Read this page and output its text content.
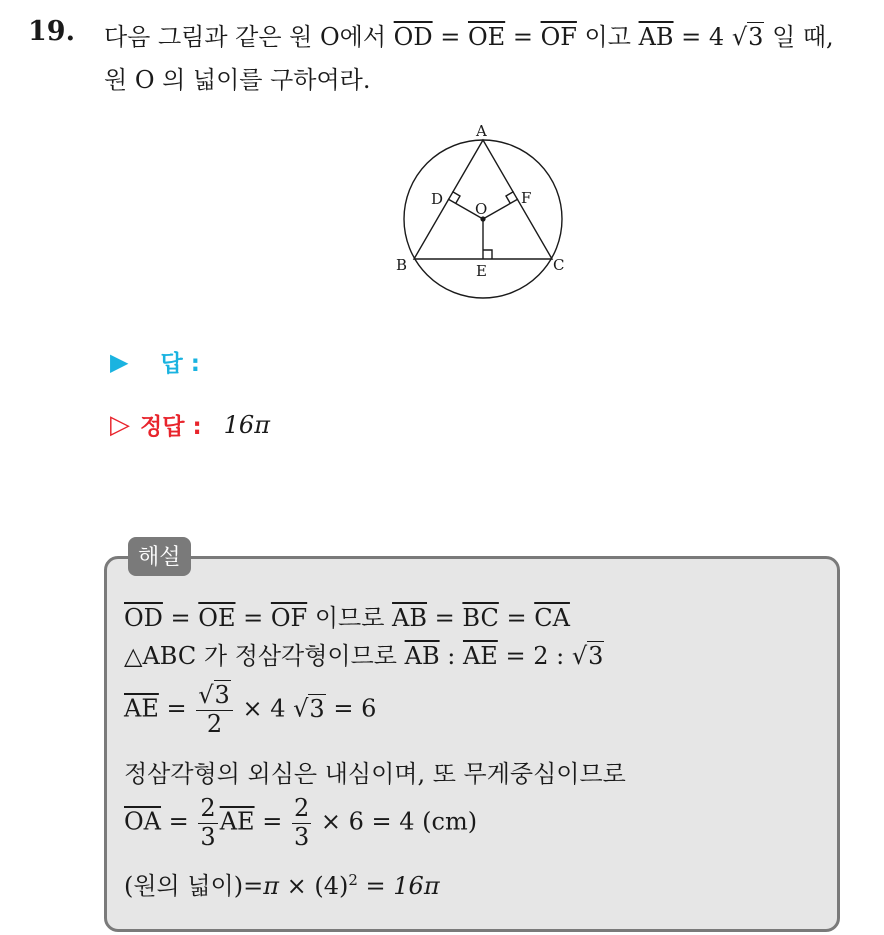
19. 다음 그림과 같은 원 O에서 $\overline{OD} = \overline{OE} = \overline{OF}$ 이고 $\overline{AB} = 4$ √3 일 때,
원 O 의 넓이를 구하여라.
A
B	C
D	F
O
E
▶ 답 :
▷ 정답 : 16π
해설
$\overline{OD} = \overline{OE} = \overline{OF}$ 이므로 $\overline{AB} = \overline{BC} = \overline{CA}$
△ABC 가 정삼각형이므로 $\overline{AB}$ : $\overline{AE} = 2$ : √3
$\overline{AE} = \frac{√3}{2} \times 4$ √3 = 6
정삼각형의 외심은 내심이며, 또 무게중심이므로
$\overline{OA} = \frac{2}{3} \overline{AE} = \frac{2}{3} \times 6 = 4$ (cm)
(원의 넓이)$=\pi \times (4)^2 = 16\pi$
